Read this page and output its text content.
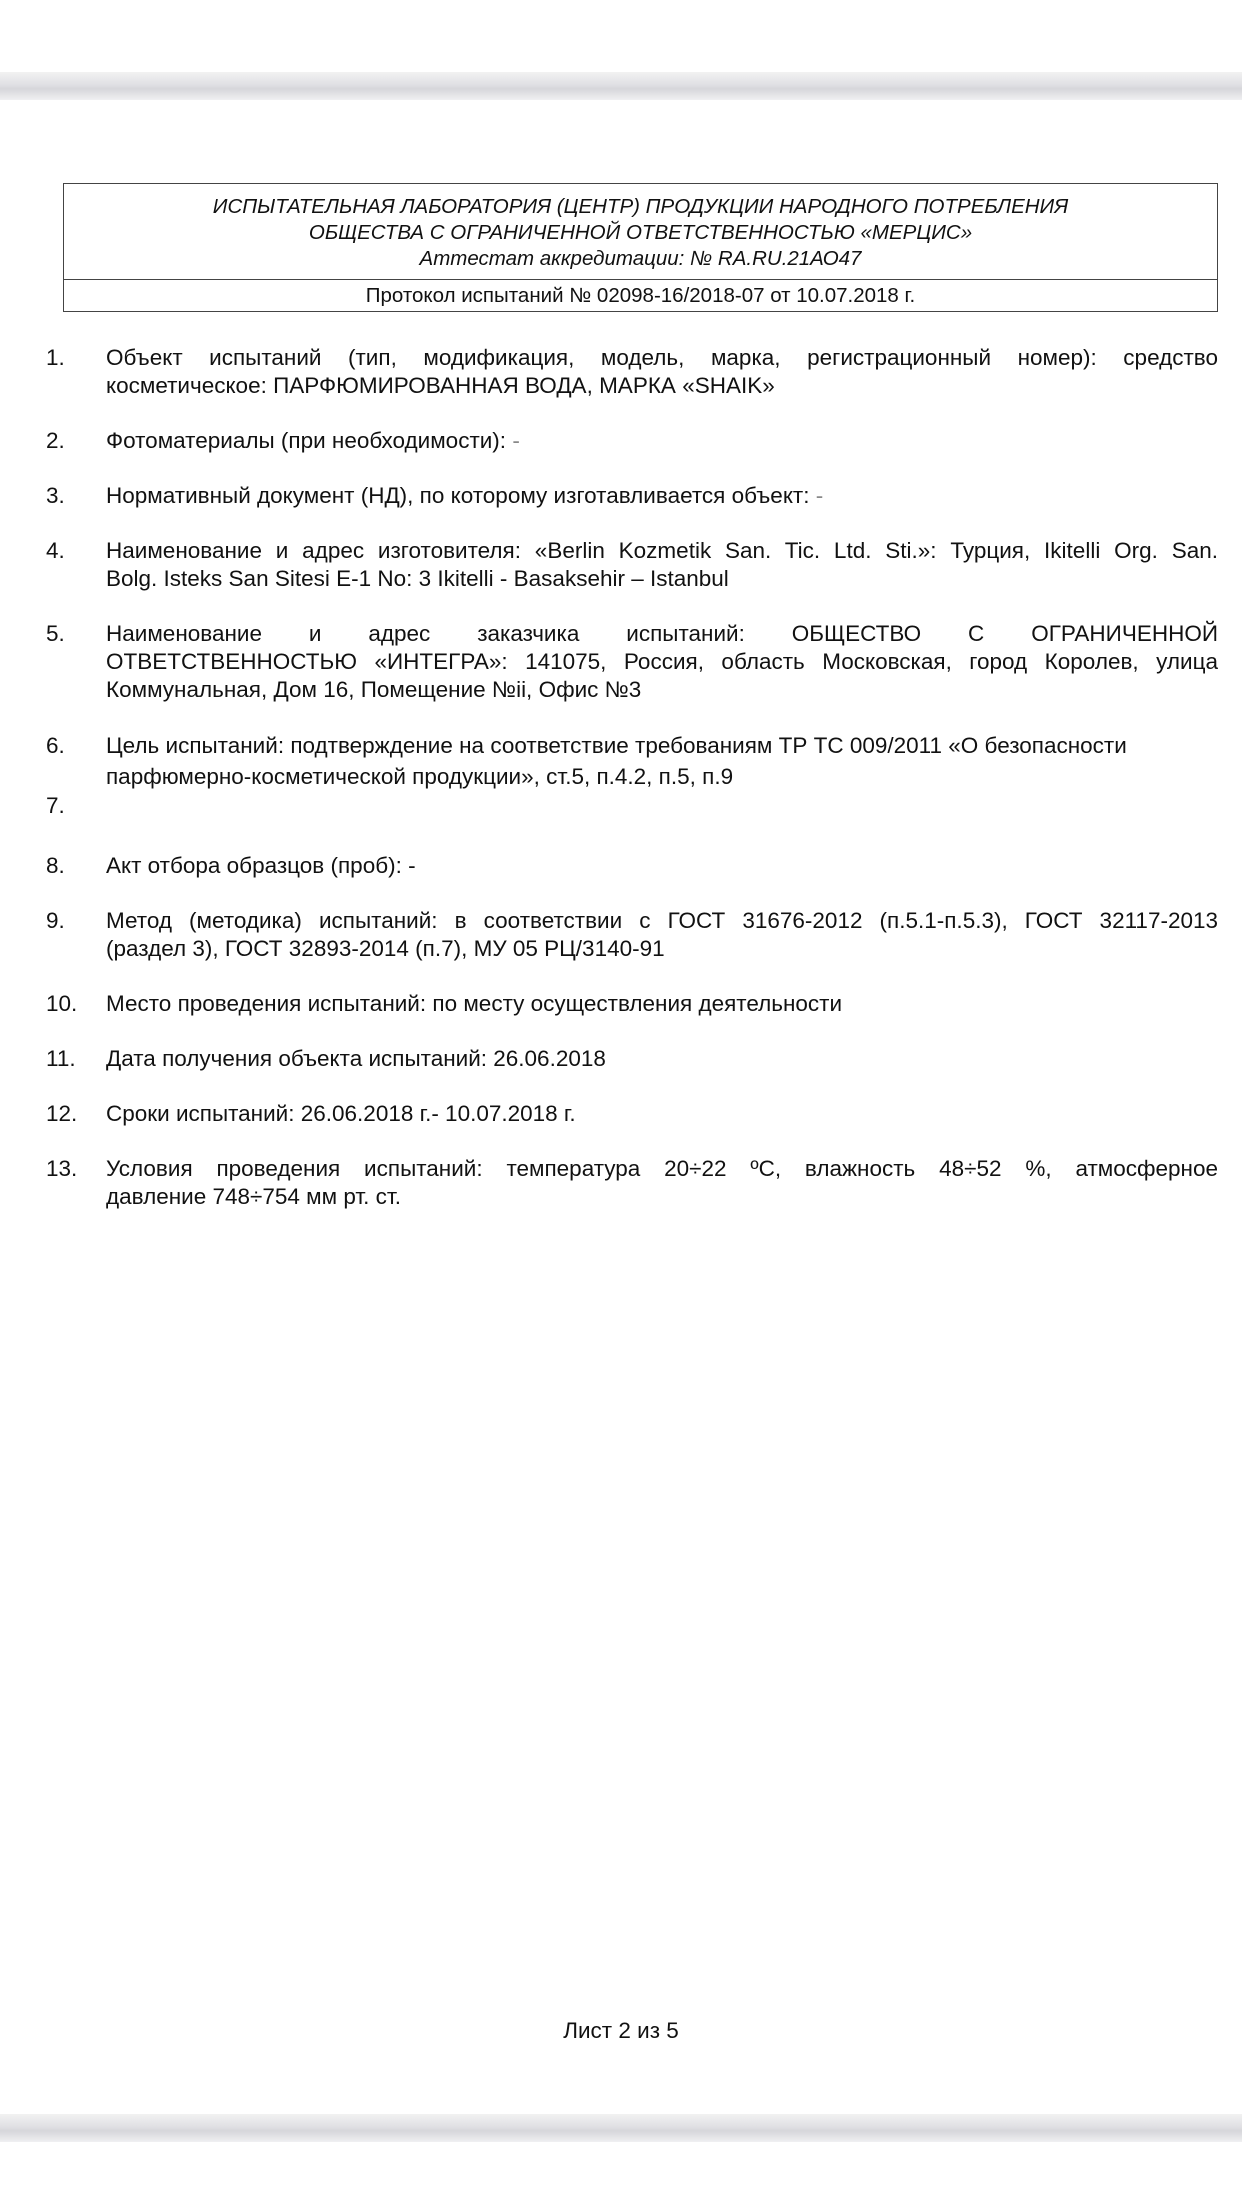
ИСПЫТАТЕЛЬНАЯ ЛАБОРАТОРИЯ (ЦЕНТР) ПРОДУКЦИИ НАРОДНОГО ПОТРЕБЛЕНИЯ
ОБЩЕСТВА С ОГРАНИЧЕННОЙ ОТВЕТСТВЕННОСТЬЮ «МЕРЦИС»
Аттестат аккредитации: № RA.RU.21АО47
Протокол испытаний № 02098-16/2018-07 от 10.07.2018 г.
1.	Объект испытаний (тип, модификация, модель, марка, регистрационный номер): средство
косметическое: ПАРФЮМИРОВАННАЯ ВОДА, МАРКА «SHAIK»
2.	Фотоматериалы (при необходимости): -
3.	Нормативный документ (НД), по которому изготавливается объект: -
4.	Наименование и адрес изготовителя: «Berlin Kozmetik San. Tic. Ltd. Sti.»: Турция, Ikitelli Org. San.
Bolg. Isteks San Sitesi E-1 No: 3 Ikitelli - Basaksehir – Istanbul
5.	Наименование и адрес заказчика испытаний: ОБЩЕСТВО С ОГРАНИЧЕННОЙ
ОТВЕТСТВЕННОСТЬЮ «ИНТЕГРА»: 141075, Россия, область Московская, город Королев, улица
Коммунальная, Дом 16, Помещение №ii, Офис №3
6.	Цель испытаний: подтверждение на соответствие требованиям ТР ТС 009/2011 «О безопасности
парфюмерно-косметической продукции», ст.5, п.4.2, п.5, п.9
7.
8.	Акт отбора образцов (проб): -
9.	Метод (методика) испытаний: в соответствии с ГОСТ 31676-2012 (п.5.1-п.5.3), ГОСТ 32117-2013
(раздел 3), ГОСТ 32893-2014 (п.7), МУ 05 РЦ/3140-91
10.	Место проведения испытаний: по месту осуществления деятельности
11.	Дата получения объекта испытаний: 26.06.2018
12.	Сроки испытаний: 26.06.2018 г.- 10.07.2018 г.
13.	Условия проведения испытаний: температура 20÷22 ºС, влажность 48÷52 %, атмосферное
давление 748÷754 мм рт. ст.
Лист 2 из 5
